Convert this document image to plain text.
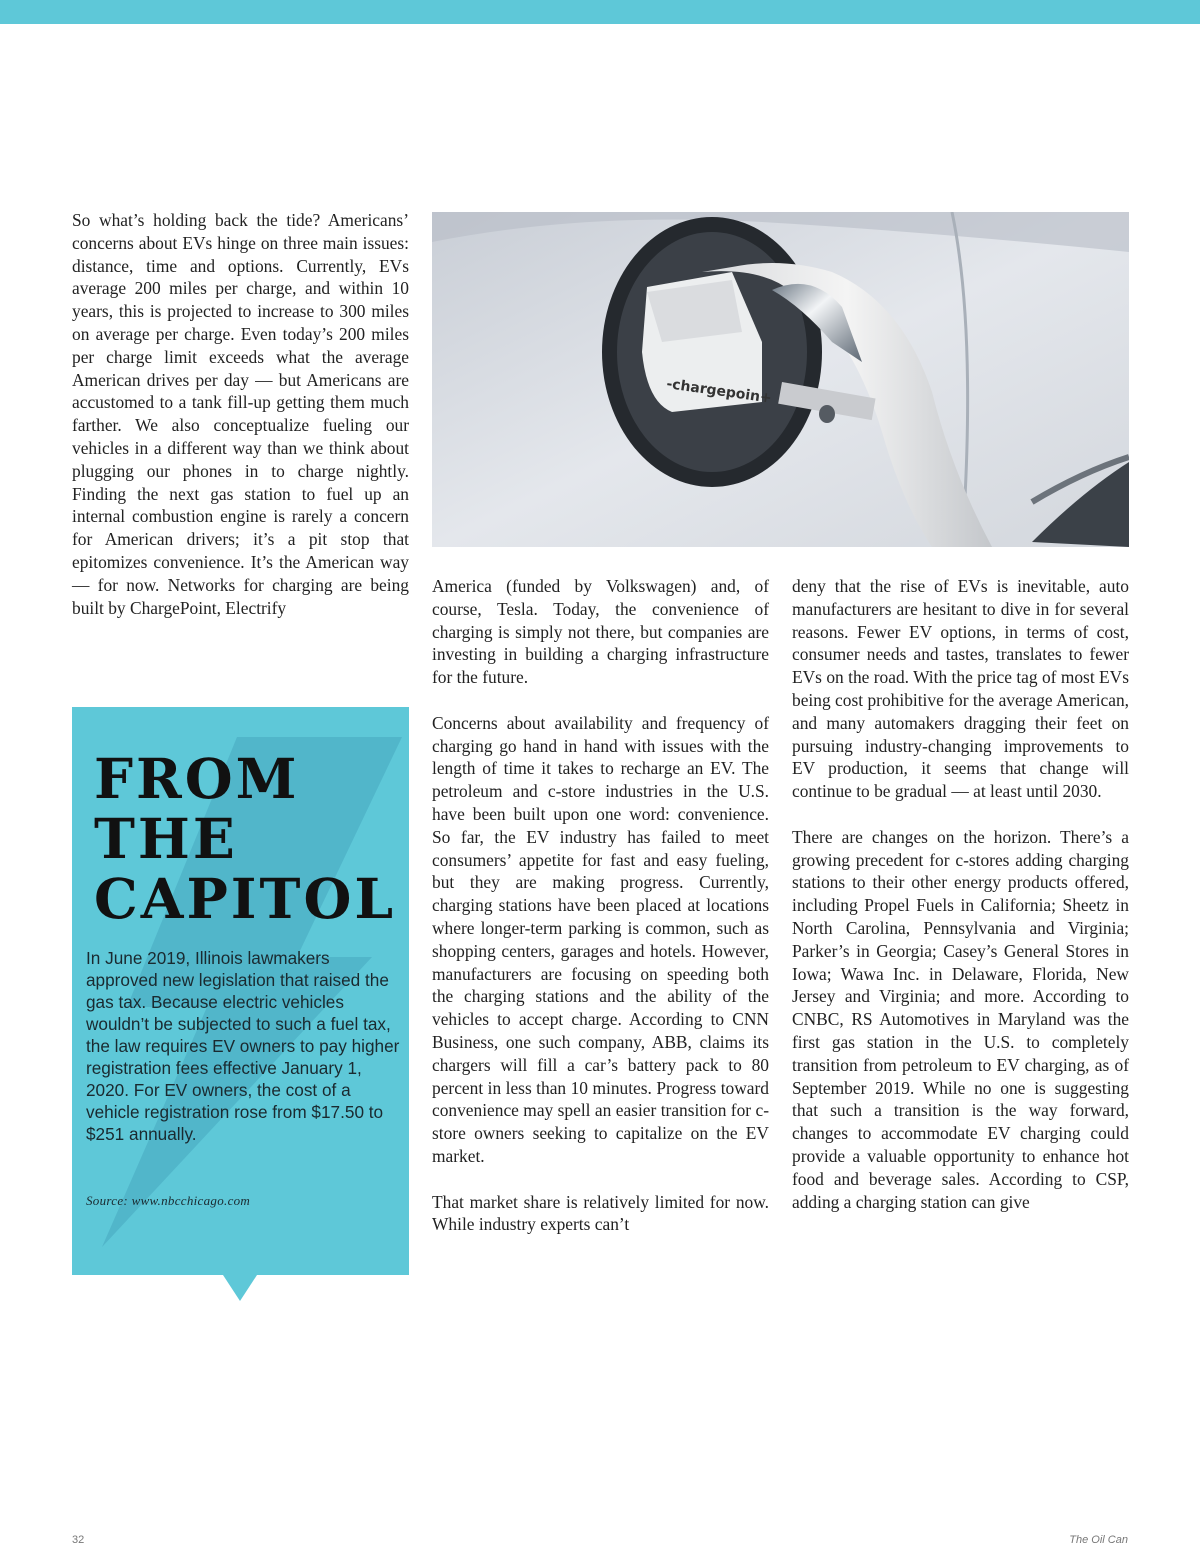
So what’s holding back the tide? Americans’ concerns about EVs hinge on three main issues: distance, time and options. Currently, EVs average 200 miles per charge, and within 10 years, this is projected to increase to 300 miles on average per charge. Even today’s 200 miles per charge limit exceeds what the average American drives per day — but Americans are accustomed to a tank fill-up getting them much farther. We also conceptualize fueling our vehicles in a different way than we think about plugging our phones in to charge nightly. Finding the next gas station to fuel up an internal combustion engine is rarely a concern for American drivers; it’s a pit stop that epitomizes convenience. It’s the American way — for now. Networks for charging are being built by ChargePoint, Electrify

-chargepoin+

America (funded by Volkswagen) and, of course, Tesla. Today, the convenience of charging is simply not there, but companies are investing in building a charging infrastructure for the future.

Concerns about availability and frequency of charging go hand in hand with issues with the length of time it takes to recharge an EV. The petroleum and c-store industries in the U.S. have been built upon one word: convenience. So far, the EV industry has failed to meet consumers’ appetite for fast and easy fueling, but they are making progress. Currently, charging stations have been placed at locations where longer-term parking is common, such as shopping centers, garages and hotels. However, manufacturers are focusing on speeding both the charging stations and the ability of the vehicles to accept charge. According to CNN Business, one such company, ABB, claims its chargers will fill a car’s battery pack to 80 percent in less than 10 minutes. Progress toward convenience may spell an easier transition for c-store owners seeking to capitalize on the EV market.

That market share is relatively limited for now. While industry experts can’t

deny that the rise of EVs is inevitable, auto manufacturers are hesitant to dive in for several reasons. Fewer EV options, in terms of cost, consumer needs and tastes, translates to fewer EVs on the road. With the price tag of most EVs being cost prohibitive for the average American, and many automakers dragging their feet on pursuing industry-changing improvements to EV production, it seems that change will continue to be gradual — at least until 2030.

There are changes on the horizon. There’s a growing precedent for c-stores adding charging stations to their other energy products offered, including Propel Fuels in California; Sheetz in North Carolina, Pennsylvania and Virginia; Parker’s in Georgia; Casey’s General Stores in Iowa; Wawa Inc. in Delaware, Florida, New Jersey and Virginia; and more. According to CNBC, RS Automotives in Maryland was the first gas station in the U.S. to completely transition from petroleum to EV charging, as of September 2019. While no one is suggesting that such a transition is the way forward, changes to accommodate EV charging could provide a valuable opportunity to enhance hot food and beverage sales. According to CSP, adding a charging station can give

FROM
THE
CAPITOL
In June 2019, Illinois lawmakers approved new legislation that raised the gas tax. Because electric vehicles wouldn’t be subjected to such a fuel tax, the law requires EV owners to pay higher registration fees effective January 1, 2020. For EV owners, the cost of a vehicle registration rose from $17.50 to $251 annually.
Source: www.nbcchicago.com
32	The Oil Can
